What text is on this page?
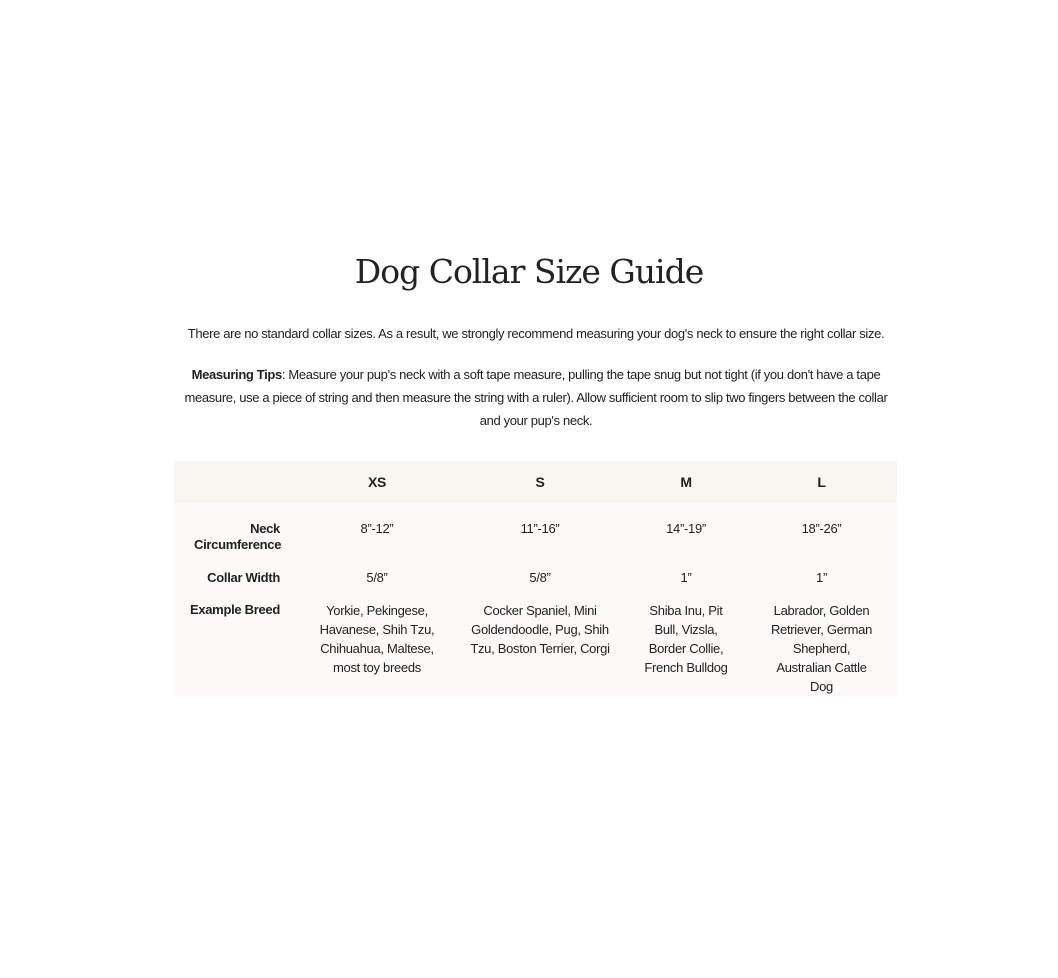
Dog Collar Size Guide

There are no standard collar sizes. As a result, we strongly recommend measuring your dog's neck to ensure the right collar size.

Measuring Tips: Measure your pup's neck with a soft tape measure, pulling the tape snug but not tight (if you don't have a tape measure, use a piece of string and then measure the string with a ruler). Allow sufficient room to slip two fingers between the collar and your pup's neck.

	XS	S	M	L
Neck Circumference	8”-12”	11”-16”	14”-19”	18”-26”
Collar Width	5/8”	5/8”	1”	1”
Example Breed	Yorkie, Pekingese, Havanese, Shih Tzu, Chihuahua, Maltese, most toy breeds	Cocker Spaniel, Mini Goldendoodle, Pug, Shih Tzu, Boston Terrier, Corgi	Shiba Inu, Pit Bull, Vizsla, Border Collie, French Bulldog	Labrador, Golden Retriever, German Shepherd, Australian Cattle Dog
